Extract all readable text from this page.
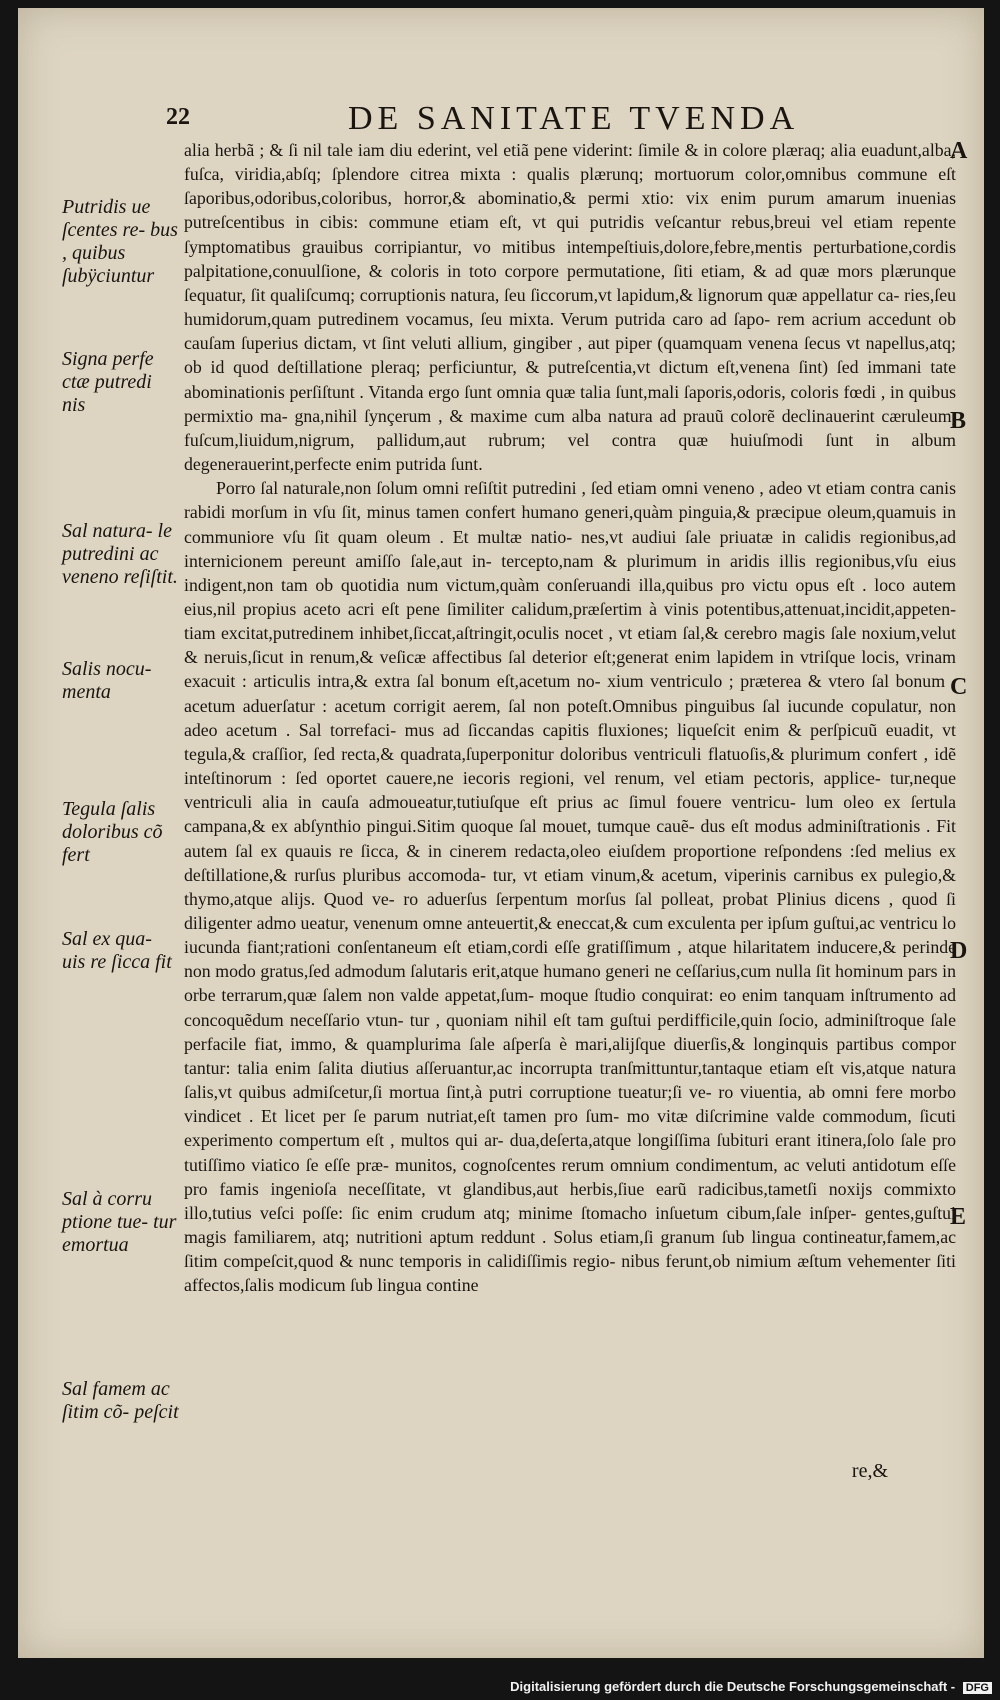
22	DE SANITATE TVENDA
A
B
C
D
E
Putridis ue ſcentes re- bus , quibus ſubÿciuntur
Signa perfe ctæ putredi nis
Sal natura- le putredini ac veneno reſiſtit.
Salis nocu- menta
Tegula ſalis doloribus cõ fert
Sal ex qua- uis re ſicca fit
Sal à corru ptione tue- tur emortua
Sal famem ac ſitim cõ- peſcit

alia herbã ; & ſi nil tale iam diu ederint, vel etiã pene viderint: ſimile & in colore plæraq; alia euadunt,alba, fuſca, viridia,abſq; ſplendore citrea mixta : qualis plærunq; mortuorum color,omnibus commune eſt ſaporibus,odoribus,coloribus, horror,& abominatio,& permi xtio: vix enim purum amarum inuenias putreſcentibus in cibis: commune etiam eſt, vt qui putridis veſcantur rebus,breui vel etiam repente ſymptomatibus grauibus corripiantur, vo mitibus intempeſtiuis,dolore,febre,mentis perturbatione,cordis palpitatione,conuulſione, & coloris in toto corpore permutatione, ſiti etiam, & ad quæ mors plærunque ſequatur, ſit qualiſcumq; corruptionis natura, ſeu ſiccorum,vt lapidum,& lignorum quæ appellatur ca- ries,ſeu humidorum,quam putredinem vocamus, ſeu mixta. Verum putrida caro ad ſapo- rem acrium accedunt ob cauſam ſuperius dictam, vt ſint veluti allium, gingiber , aut piper (quamquam venena ſecus vt napellus,atq; ob id quod deſtillatione pleraq; perficiuntur, & putreſcentia,vt dictum eſt,venena ſint) ſed immani tate abominationis perſiſtunt . Vitanda ergo ſunt omnia quæ talia ſunt,mali ſaporis,odoris, coloris fœdi , in quibus permixtio ma- gna,nihil ſynçerum , & maxime cum alba natura ad prauũ colorẽ declinauerint cæruleum, fuſcum,liuidum,nigrum, pallidum,aut rubrum; vel contra quæ huiuſmodi ſunt in album degenerauerint,perfecte enim putrida ſunt.

Porro ſal naturale,non ſolum omni reſiſtit putredini , ſed etiam omni veneno , adeo vt etiam contra canis rabidi morſum in vſu ſit, minus tamen confert humano generi,quàm pinguia,& præcipue oleum,quamuis in communiore vſu ſit quam oleum . Et multæ natio- nes,vt audiui ſale priuatæ in calidis regionibus,ad internicionem pereunt amiſſo ſale,aut in- tercepto,nam & plurimum in aridis illis regionibus,vſu eius indigent,non tam ob quotidia num victum,quàm conſeruandi illa,quibus pro victu opus eſt . loco autem eius,nil propius aceto acri eſt pene ſimiliter calidum,præſertim à vinis potentibus,attenuat,incidit,appeten- tiam excitat,putredinem inhibet,ſiccat,aſtringit,oculis nocet , vt etiam ſal,& cerebro magis ſale noxium,velut & neruis,ſicut in renum,& veſicæ affectibus ſal deterior eſt;generat enim lapidem in vtriſque locis, vrinam exacuit : articulis intra,& extra ſal bonum eſt,acetum no- xium ventriculo ; præterea & vtero ſal bonum , acetum aduerſatur : acetum corrigit aerem, ſal non poteſt.Omnibus pinguibus ſal iucunde copulatur, non adeo acetum . Sal torrefaci- mus ad ſiccandas capitis fluxiones; liqueſcit enim & perſpicuũ euadit, vt tegula,& craſſior, ſed recta,& quadrata,ſuperponitur doloribus ventriculi flatuoſis,& plurimum confert , idẽ inteſtinorum : ſed oportet cauere,ne iecoris regioni, vel renum, vel etiam pectoris, applice- tur,neque ventriculi alia in cauſa admoueatur,tutiuſque eſt prius ac ſimul fouere ventricu- lum oleo ex ſertula campana,& ex abſynthio pingui.Sitim quoque ſal mouet, tumque cauẽ- dus eſt modus adminiſtrationis . Fit autem ſal ex quauis re ſicca, & in cinerem redacta,oleo eiuſdem proportione reſpondens :ſed melius ex deſtillatione,& rurſus pluribus accomoda- tur, vt etiam vinum,& acetum, viperinis carnibus ex pulegio,& thymo,atque alijs. Quod ve- ro aduerſus ſerpentum morſus ſal polleat, probat Plinius dicens , quod ſi diligenter admo ueatur, venenum omne anteuertit,& eneccat,& cum exculenta per ipſum guſtui,ac ventricu lo iucunda fiant;rationi conſentaneum eſt etiam,cordi eſſe gratiſſimum , atque hilaritatem inducere,& perinde non modo gratus,ſed admodum ſalutaris erit,atque humano generi ne ceſſarius,cum nulla ſit hominum pars in orbe terrarum,quæ ſalem non valde appetat,ſum- moque ſtudio conquirat: eo enim tanquam inſtrumento ad concoquẽdum neceſſario vtun- tur , quoniam nihil eſt tam guſtui perdifficile,quin ſocio, adminiſtroque ſale perfacile fiat, immo, & quamplurima ſale aſperſa è mari,alijſque diuerſis,& longinquis partibus compor tantur: talia enim ſalita diutius aſſeruantur,ac incorrupta tranſmittuntur,tantaque etiam eſt vis,atque natura ſalis,vt quibus admiſcetur,ſi mortua ſint,à putri corruptione tueatur;ſi ve- ro viuentia, ab omni fere morbo vindicet . Et licet per ſe parum nutriat,eſt tamen pro ſum- mo vitæ diſcrimine valde commodum, ſicuti experimento compertum eſt , multos qui ar- dua,deſerta,atque longiſſima ſubituri erant itinera,ſolo ſale pro tutiſſimo viatico ſe eſſe præ- munitos, cognoſcentes rerum omnium condimentum, ac veluti antidotum eſſe pro famis ingenioſa neceſſitate, vt glandibus,aut herbis,ſiue earũ radicibus,tametſi noxijs commixto illo,tutius veſci poſſe: ſic enim crudum atq; minime ſtomacho inſuetum cibum,ſale inſper- gentes,guſtui magis familiarem, atq; nutritioni aptum reddunt . Solus etiam,ſi granum ſub lingua contineatur,famem,ac ſitim compeſcit,quod & nunc temporis in calidiſſimis regio- nibus ferunt,ob nimium æſtum vehementer ſiti affectos,ſalis modicum ſub lingua contine

re,&
Digitalisierung gefördert durch die Deutsche Forschungsgemeinschaft - DFG
